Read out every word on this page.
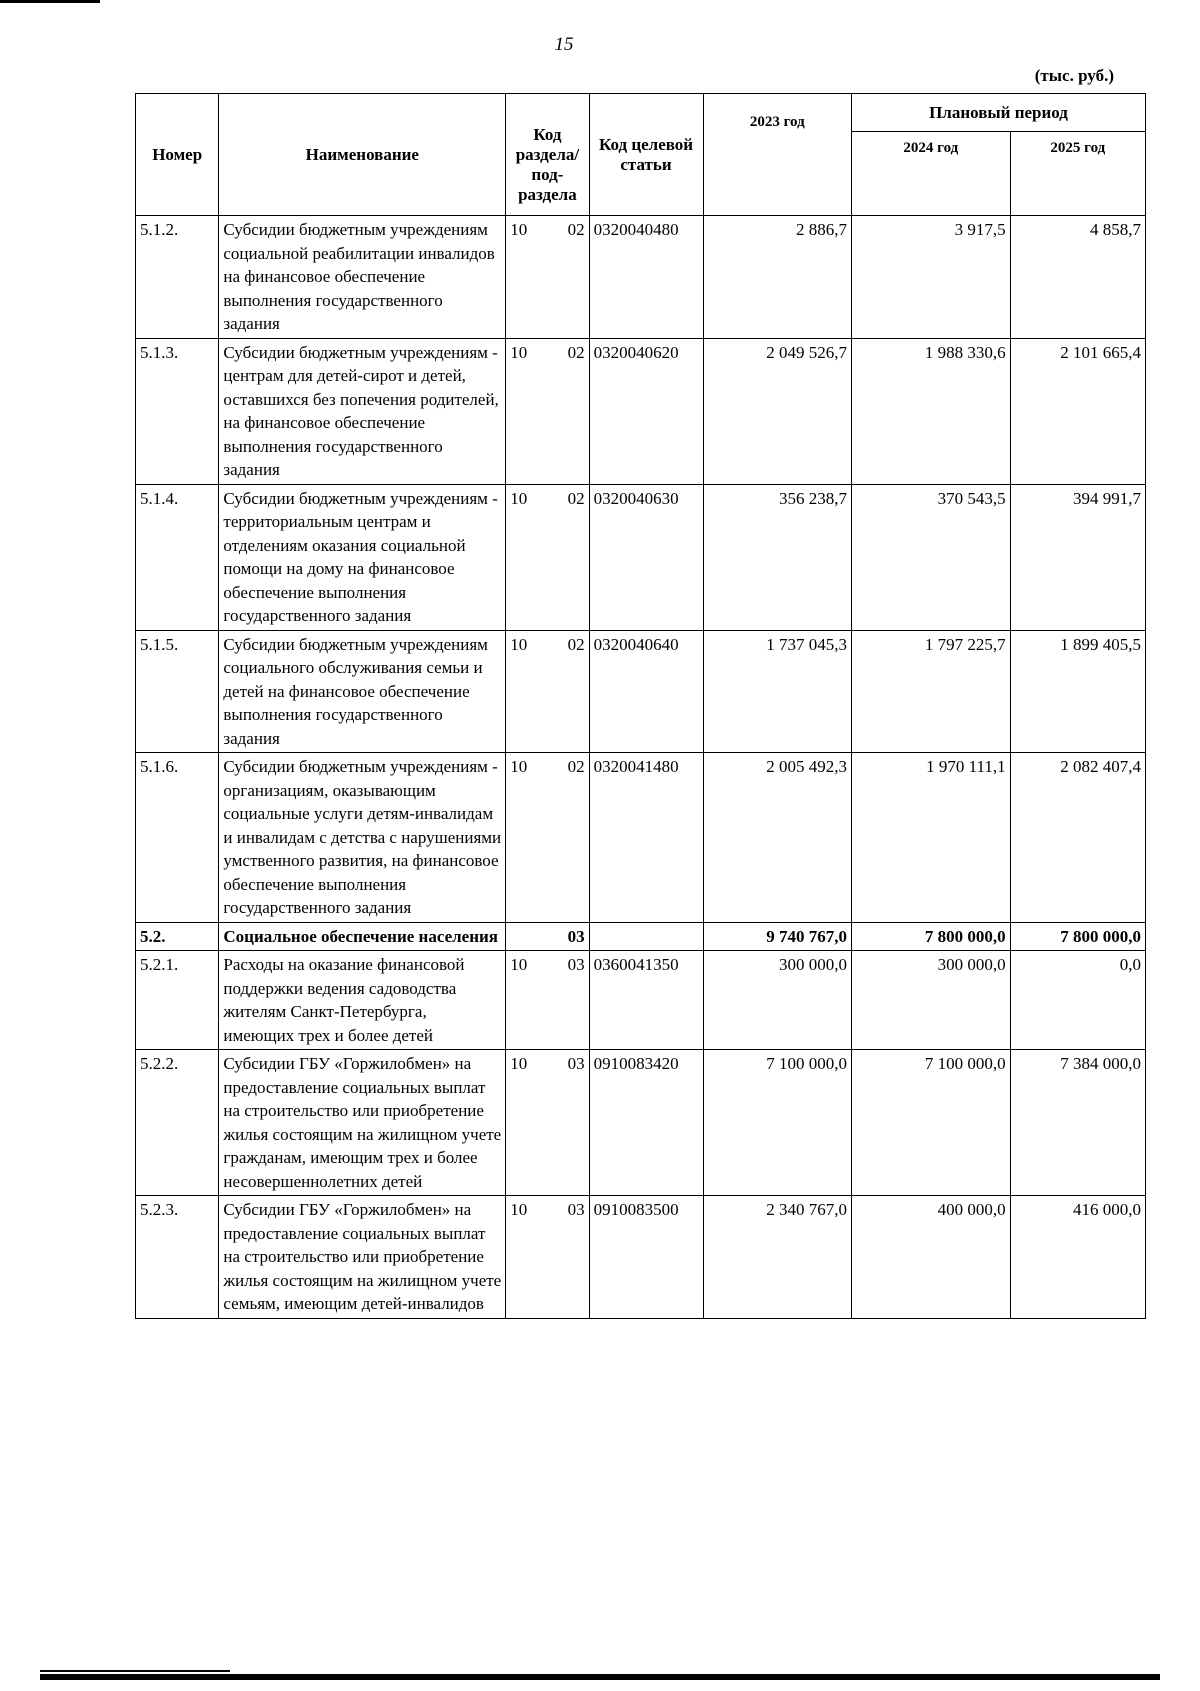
15
(тыс. руб.)
Номер	Наименование	Код раздела/ под- раздела	Код целевой статьи	2023 год	Плановый период	
					2024 год	2025 год
5.1.2.	Субсидии бюджетным учреждениям социальной реабилитации инвалидов на финансовое обеспечение выполнения государственного задания	10 02	0320040480	2 886,7	3 917,5	4 858,7
5.1.3.	Субсидии бюджетным учреждениям - центрам для детей-сирот и детей, оставшихся без попечения родителей, на финансовое обеспечение выполнения государственного задания	10 02	0320040620	2 049 526,7	1 988 330,6	2 101 665,4
5.1.4.	Субсидии бюджетным учреждениям - территориальным центрам и отделениям оказания социальной помощи на дому на финансовое обеспечение выполнения государственного задания	10 02	0320040630	356 238,7	370 543,5	394 991,7
5.1.5.	Субсидии бюджетным учреждениям социального обслуживания семьи и детей на финансовое обеспечение выполнения государственного задания	10 02	0320040640	1 737 045,3	1 797 225,7	1 899 405,5
5.1.6.	Субсидии бюджетным учреждениям - организациям, оказывающим социальные услуги детям-инвалидам и инвалидам с детства с нарушениями умственного развития, на финансовое обеспечение выполнения государственного задания	10 02	0320041480	2 005 492,3	1 970 111,1	2 082 407,4
5.2.	Социальное обеспечение населения	03		9 740 767,0	7 800 000,0	7 800 000,0
5.2.1.	Расходы на оказание финансовой поддержки ведения садоводства жителям Санкт-Петербурга, имеющих трех и более детей	10 03	0360041350	300 000,0	300 000,0	0,0
5.2.2.	Субсидии ГБУ «Горжилобмен» на предоставление социальных выплат на строительство или приобретение жилья состоящим на жилищном учете гражданам, имеющим трех и более несовершеннолетних детей	10 03	0910083420	7 100 000,0	7 100 000,0	7 384 000,0
5.2.3.	Субсидии ГБУ «Горжилобмен» на предоставление социальных выплат на строительство или приобретение жилья состоящим на жилищном учете семьям, имеющим детей-инвалидов	10 03	0910083500	2 340 767,0	400 000,0	416 000,0
